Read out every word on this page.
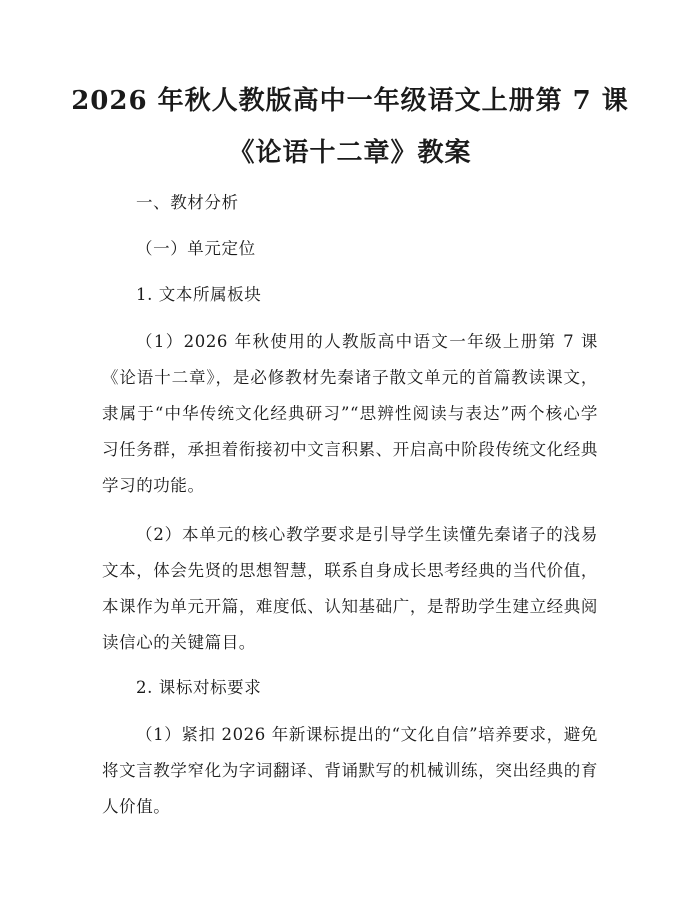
2026 年秋人教版高中一年级语文上册第 7 课
《论语十二章》教案

一、教材分析

（一）单元定位

1. 文本所属板块

（1）2026 年秋使用的人教版高中语文一年级上册第 7 课《论语十二章》，是必修教材先秦诸子散文单元的首篇教读课文，隶属于“中华传统文化经典研习”“思辨性阅读与表达”两个核心学习任务群，承担着衔接初中文言积累、开启高中阶段传统文化经典学习的功能。

（2）本单元的核心教学要求是引导学生读懂先秦诸子的浅易文本，体会先贤的思想智慧，联系自身成长思考经典的当代价值，本课作为单元开篇，难度低、认知基础广，是帮助学生建立经典阅读信心的关键篇目。

2. 课标对标要求

（1）紧扣 2026 年新课标提出的“文化自信”培养要求，避免将文言教学窄化为字词翻译、背诵默写的机械训练，突出经典的育人价值。
